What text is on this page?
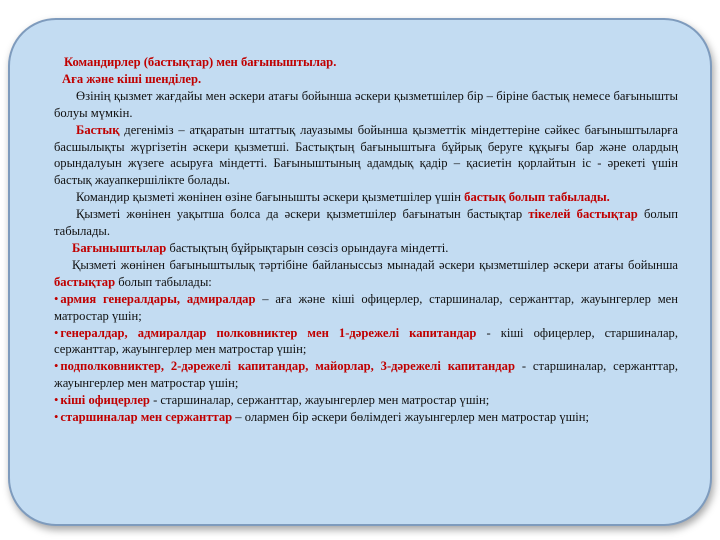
Командирлер (бастықтар) мен бағыныштылар.
Аға және кіші шендiлер.
Өзінің қызмет жағдайы мен әскери атағы бойынша әскери қызметшілер бір – біріне бастық немесе бағынышты болуы мүмкін.
Бастық дегеніміз – атқаратын штаттық лауазымы бойынша қызметтік міндеттеріне сәйкес бағыныштыларға басшылықты жүргізетін әскери қызметші. Бастықтың бағыныштыға бұйрық беруге құқығы бар және олардың орындалуын жүзеге асыруға міндетті. Бағыныштының адамдық қадір – қасиетін қорлайтын іс - әрекеті үшін бастық жауапкершілікте болады.
Командир қызметі жөнінен өзіне бағынышты әскери қызметшілер үшін бастық болып табылады.
Қызметі жөнінен уақытша болса да әскери қызметшілер бағынатын бастықтар тікелей бастықтар болып табылады.
Бағыныштылар бастықтың бұйрықтарын сөзсіз орындауға міндетті.
Қызметі жөнінен бағыныштылық тәртібіне байланыссыз мынадай әскери қызметшілер әскери атағы бойынша бастықтар болып табылады:
• армия генералдары, адмиралдар – аға және кіші офицерлер, старшиналар, сержанттар, жауынгерлер мен матростар үшін;
• генералдар, адмиралдар полковниктер мен 1-дәрежелі капитандар - кіші офицерлер, старшиналар, сержанттар, жауынгерлер мен матростар үшін;
• подполковниктер, 2-дәрежелі капитандар, майорлар, 3-дәрежелі капитандар - старшиналар, сержанттар, жауынгерлер мен матростар үшін;
• кіші офицерлер - старшиналар, сержанттар, жауынгерлер мен матростар үшін;
• старшиналар мен сержанттар – олармен бір әскери бөлімдегі жауынгерлер мен матростар үшін;
